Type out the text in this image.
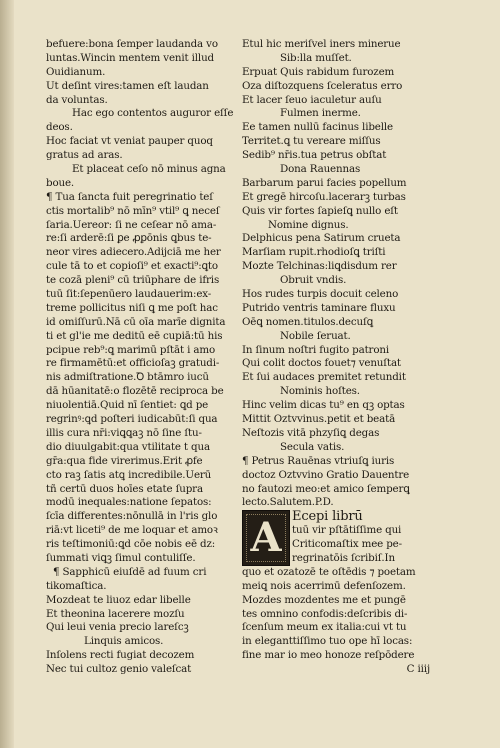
befuere:bona ſemper laudanda vo
luntas.Wincin mentem venit illud
Ouidianum.
Ut deſint vires:tamen eſt laudan
da voluntas.
Hac ego contentos auguror eſſe
deos.
Hoc faciat vt veniat pauper quoq
gratus ad aras.
Et placeat ceſo nō minus agna
boue.
¶ Tua ſancta fuit peregrinatio ṫeſ
ctis mortalib⁹ nō mīn⁹ vtil⁹ ꝗ neceſ
ſaria.Uereor: ſi ne ceſear nō ama-
re:ſi arderē:ſi ꝑe ꝓꝑōnis ꝗbus te-
neor vires adiecero.Adijciā me her
cule tā to et copioſi⁹ et exacti⁹:ꝗto
te cozā pleni⁹ cū triūphare de ifris
tuū ſit:ſepenūero laudauerim:ex-
treme pollicitus niſi ꝗ me poſt hac
id omiſſurū.Nā cū oīa marīe dignita
ti et gl'ie me deditū eē cupiā:tū his
pcipue reb⁹:ꝗ marimū pſtāt i amo
re firmamētū:et officioſaꝫ gratudi-
nis admiſtratione.Ꝺ btāmro iucū
dā hūanitatē:o flozētē reciproca be
niuolentiā.Quid nī ſentiet: ꝗd pe
regrinꝰ:ꝗd poſteri iudicabūt:ſi qua
illis cura nr̄i:viꝗꝗaꝫ nō ſine ſtu-
dio diuulgabit:qua vtilitate t qua
gr̄a:qua fide virerimus.Erit ꝓfe
cto raꝫ ſatis atꝗ incredibile.Uerū
tñ certū duos hoīes etate ſupra
modū inequales:natione ſepatos:
ſcīa differentes:nōnullā in l'ris glo
riā:vt liceti⁹ de me loquar et amoꝛ
ris teſtimoniū:ꝗd cōe nobis eē dz:
ſummati viꝗꝫ ſimul contuliſſe.
¶ Sapphicū eiuſdē ad fuum cri
tikomaſtica.
Mozdeat te liuoz edar libelle
Et theonina lacerere mozſu
Qui leui venia precio lareſcꝫ
Linquis amicos.
Inſolens recti fugiat decozem
Nec tui cultoz genio valeſcat
Etul hic meriſvel iners minerue
Sib:lla muſſet.
Erpuat Quis rabidum furozem
Oza diſtozquens ſceleratus erro
Et lacer ſeuo iaculetur auſu
Fulmen inerme.
Ee tamen nullū facinus libelle
Territet.ꝗ tu vereare miſſus
Sedib⁹ nr̄is.tua petrus obſtat
Dona Rauennas
Barbarum parui facies popellum
Et gregē hircoſu.lacerarꝫ turbas
Quis vir fortes ſapieſꝗ nullo eſt
Nomine dignus.
Delphicus pena Satirum crueta
Marſiam rupit.rhodioſꝗ triſti
Mozte Telchinas:liꝗdisdum rer
Obruit vndis.
Hos rudes turpis docuit celeno
Putrido ventris taminare fluxu
Oēꝗ nomen.titulos.decuſꝗ
Nobile ſeruat.
In ſinum noſtri fugito patroni
Qui colit doctos fouet⁊ venuſtat
Et ſui audaces premitet retundit
Nominis hoſtes.
Hinc velim dicas tu⁹ en qꝫ optas
Mittit Oztvvinus.petit et beatā
Neſtozis vitā phzyſiꝗ degas
Secula vatis.
¶ Petrus Rauēnas vtriuſꝗ iuris
doctoz Oztvvino Gratio Dauentre
no fautozi meo:et amico ſemperꝗ
lecto.Salutem.P.D.
A Ecepi librū
tuū vir pſtātiſſime qui
Criticomaſtix mee pe-
regrinatōis ſcribiſ.In
quo et ozatozē te oſtēdis ⁊ poetam
meiꝗ nois acerrimū defenſozem.
Mozdes mozdentes me et pungē
tes omnino confodis:deſcribis di-
ſcenſum meum ex italia:cui vt tu
in eleganttiſſimo tuo ope hī locas:
fine mar io meo honoze reſpōdere
C iiij
